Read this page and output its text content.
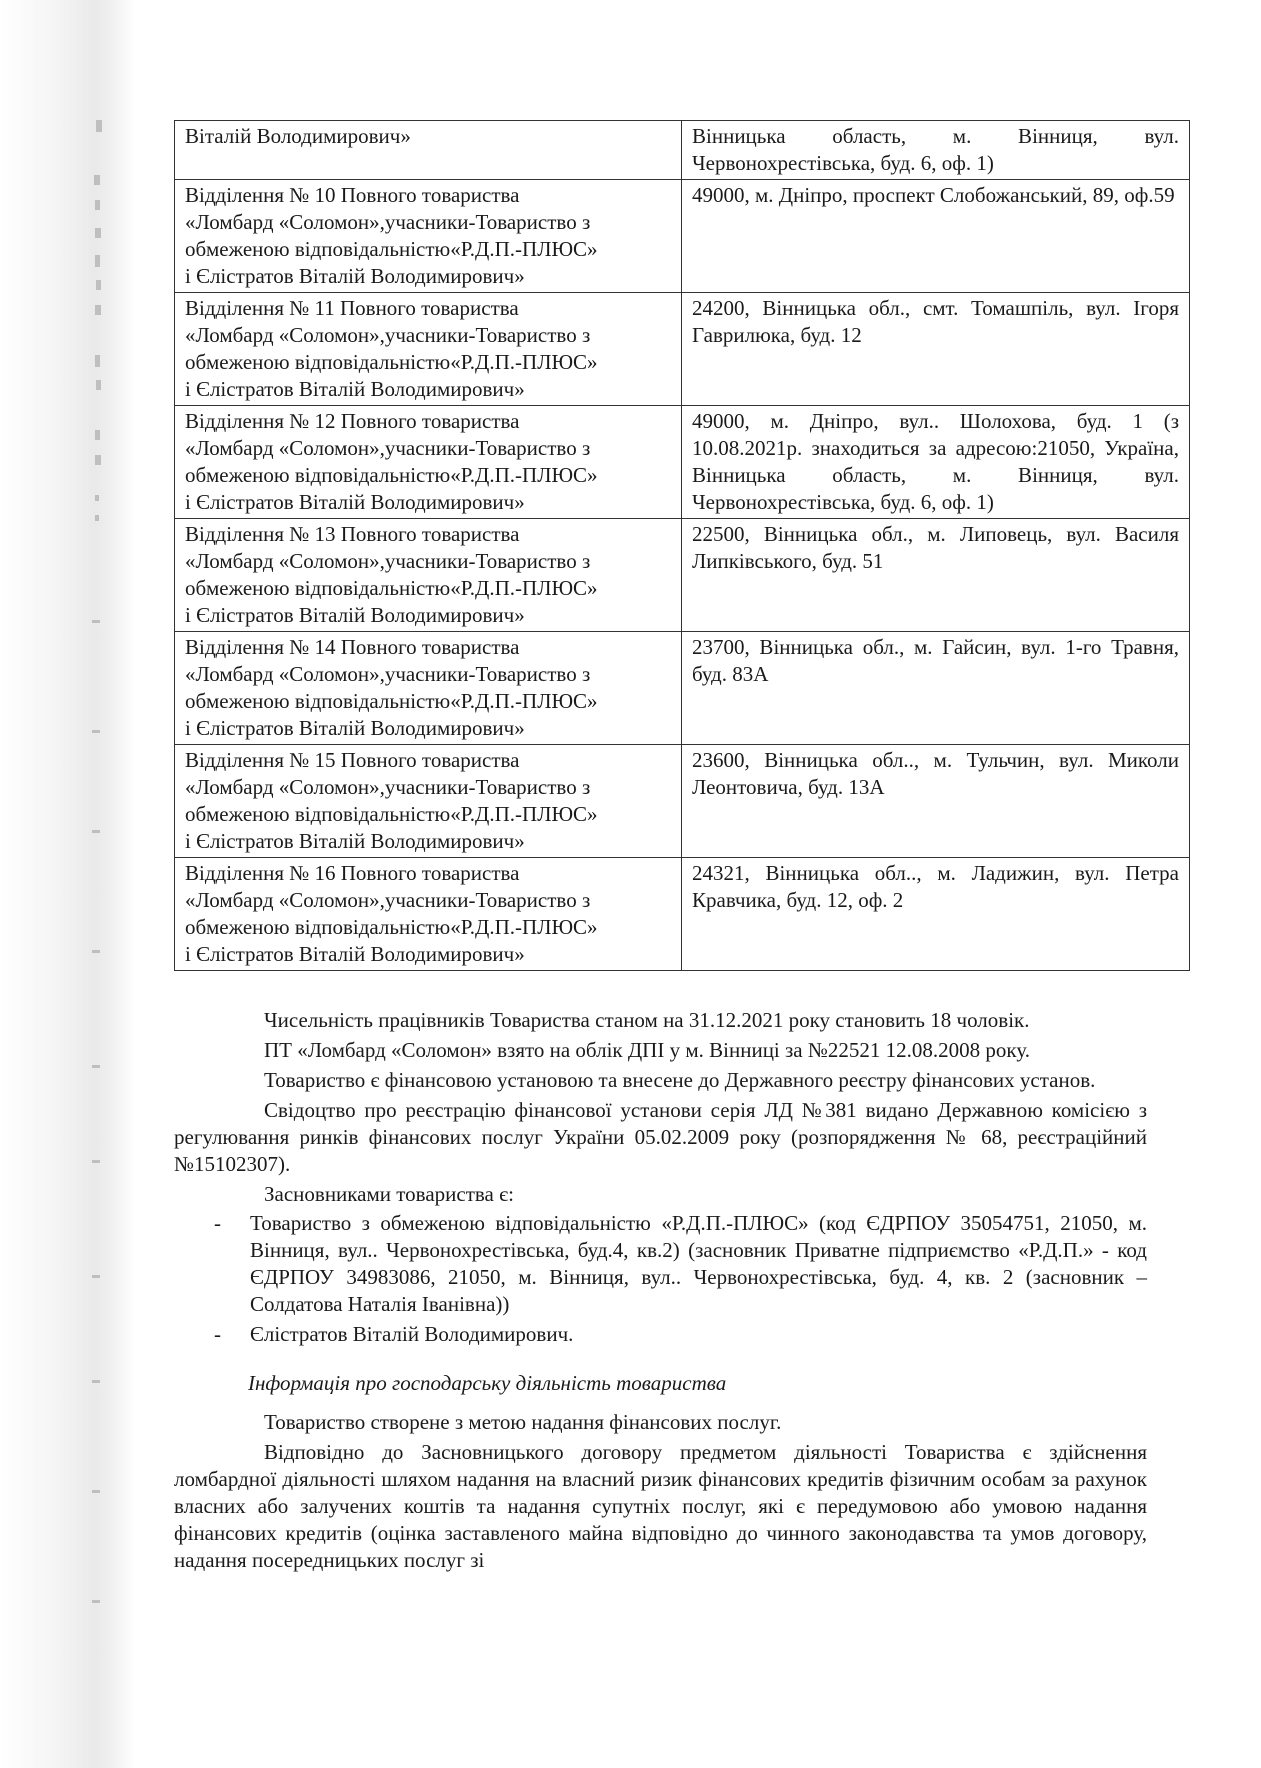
Віталій Володимирович»	Вінницька область, м. Вінниця, вул. Червонохрестівська, буд. 6, оф. 1)

Відділення № 10 Повного товариства
«Ломбард «Соломон»,учасники-Товариство з
обмеженою відповідальністю«Р.Д.П.-ПЛЮС»
і Єлістратов Віталій Володимирович»	49000, м. Дніпро, проспект Слобожанський, 89, оф.59

Відділення № 11 Повного товариства
«Ломбард «Соломон»,учасники-Товариство з
обмеженою відповідальністю«Р.Д.П.-ПЛЮС»
і Єлістратов Віталій Володимирович»	24200, Вінницька обл., смт. Томашпіль, вул. Ігоря Гаврилюка, буд. 12

Відділення № 12 Повного товариства
«Ломбард «Соломон»,учасники-Товариство з
обмеженою відповідальністю«Р.Д.П.-ПЛЮС»
і Єлістратов Віталій Володимирович»	49000, м. Дніпро, вул.. Шолохова, буд. 1 (з 10.08.2021р. знаходиться за адресою:21050, Україна, Вінницька область, м. Вінниця, вул. Червонохрестівська, буд. 6, оф. 1)

Відділення № 13 Повного товариства
«Ломбард «Соломон»,учасники-Товариство з
обмеженою відповідальністю«Р.Д.П.-ПЛЮС»
і Єлістратов Віталій Володимирович»	22500, Вінницька обл., м. Липовець, вул. Василя Липківського, буд. 51

Відділення № 14 Повного товариства
«Ломбард «Соломон»,учасники-Товариство з
обмеженою відповідальністю«Р.Д.П.-ПЛЮС»
і Єлістратов Віталій Володимирович»	23700, Вінницька обл., м. Гайсин, вул. 1-го Травня, буд. 83А

Відділення № 15 Повного товариства
«Ломбард «Соломон»,учасники-Товариство з
обмеженою відповідальністю«Р.Д.П.-ПЛЮС»
і Єлістратов Віталій Володимирович»	23600, Вінницька обл.., м. Тульчин, вул. Миколи Леонтовича, буд. 13А

Відділення № 16 Повного товариства
«Ломбард «Соломон»,учасники-Товариство з
обмеженою відповідальністю«Р.Д.П.-ПЛЮС»
і Єлістратов Віталій Володимирович»	24321, Вінницька обл.., м. Ладижин, вул. Петра Кравчика, буд. 12, оф. 2

Чисельність працівників Товариства станом на 31.12.2021 року становить 18 чоловік.

ПТ «Ломбард «Соломон» взято на облік ДПІ у м. Вінниці за №22521 12.08.2008 року.

Товариство є фінансовою установою та внесене до Державного реєстру фінансових установ.

Свідоцтво про реєстрацію фінансової установи серія ЛД №381 видано Державною комісією з регулювання ринків фінансових послуг України 05.02.2009 року (розпорядження № 68, реєстраційний №15102307).

Засновниками товариства є:

- Товариство з обмеженою відповідальністю «Р.Д.П.-ПЛЮС» (код ЄДРПОУ 35054751, 21050, м. Вінниця, вул.. Червонохрестівська, буд.4, кв.2) (засновник Приватне підприємство «Р.Д.П.» - код ЄДРПОУ 34983086, 21050, м. Вінниця, вул.. Червонохрестівська, буд. 4, кв. 2 (засновник – Солдатова Наталія Іванівна))
- Єлістратов Віталій Володимирович.

Інформація про господарську діяльність товариства

Товариство створене з метою надання фінансових послуг.

Відповідно до Засновницького договору предметом діяльності Товариства є здійснення ломбардної діяльності шляхом надання на власний ризик фінансових кредитів фізичним особам за рахунок власних або залучених коштів та надання супутніх послуг, які є передумовою або умовою надання фінансових кредитів (оцінка заставленого майна відповідно до чинного законодавства та умов договору, надання посередницьких послуг зі
